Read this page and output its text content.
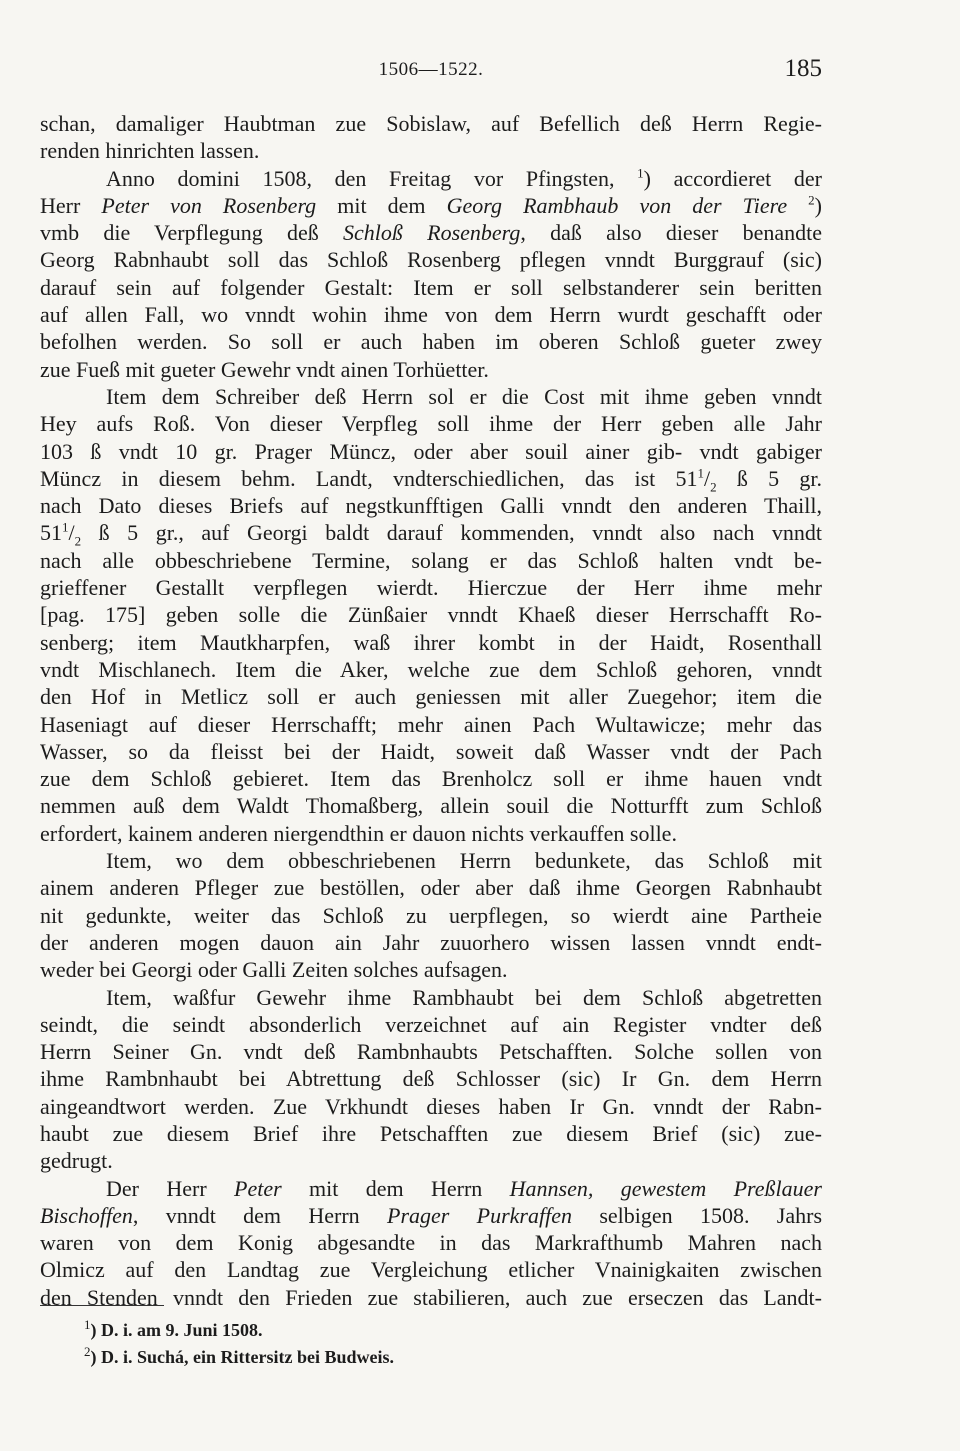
1506—1522.	185
schan, damaliger Haubtman zue Sobislaw, auf Befellich deß Herrn Regie-
renden hinrichten lassen.
Anno domini 1508, den Freitag vor Pfingsten, $^1$) accordieret der
Herr Peter von Rosenberg mit dem Georg Rambhaub von der Tiere $^2$)
vmb die Verpflegung deß Schloß Rosenberg, daß also dieser benandte
Georg Rabnhaubt soll das Schloß Rosenberg pflegen vnndt Burggrauf (sic)
darauf sein auf folgender Gestalt: Item er soll selbstanderer sein beritten
auf allen Fall, wo vnndt wohin ihme von dem Herrn wurdt geschafft oder
befolhen werden. So soll er auch haben im oberen Schloß gueter zwey
zue Fueß mit gueter Gewehr vndt ainen Torhüetter.
Item dem Schreiber deß Herrn sol er die Cost mit ihme geben vnndt
Hey aufs Roß. Von dieser Verpfleg soll ihme der Herr geben alle Jahr
103 ß vndt 10 gr. Prager Müncz, oder aber souil ainer gib- vndt gabiger
Müncz in diesem behm. Landt, vndterschiedlichen, das ist $51^1/_2$ ß 5 gr.
nach Dato dieses Briefs auf negstkunfftigen Galli vnndt den anderen Thaill,
$51^1/_2$ ß 5 gr., auf Georgi baldt darauf kommenden, vnndt also nach vnndt
nach alle obbeschriebene Termine, solang er das Schloß halten vndt be-
grieffener Gestallt verpflegen wierdt. Hierczue der Herr ihme mehr
[pag. 175] geben solle die Zünßaier vnndt Khaeß dieser Herrschafft Ro-
senberg; item Mautkharpfen, waß ihrer kombt in der Haidt, Rosenthall
vndt Mischlanech. Item die Aker, welche zue dem Schloß gehoren, vnndt
den Hof in Metlicz soll er auch geniessen mit aller Zuegehor; item die
Haseniagt auf dieser Herrschafft; mehr ainen Pach Wultawicze; mehr das
Wasser, so da fleisst bei der Haidt, soweit daß Wasser vndt der Pach
zue dem Schloß gebieret. Item das Brenholcz soll er ihme hauen vndt
nemmen auß dem Waldt Thomaßberg, allein souil die Notturfft zum Schloß
erfordert, kainem anderen niergendthin er dauon nichts verkauffen solle.
Item, wo dem obbeschriebenen Herrn bedunkete, das Schloß mit
ainem anderen Pfleger zue bestöllen, oder aber daß ihme Georgen Rabnhaubt
nit gedunkte, weiter das Schloß zu uerpflegen, so wierdt aine Partheie
der anderen mogen dauon ain Jahr zuuorhero wissen lassen vnndt endt-
weder bei Georgi oder Galli Zeiten solches aufsagen.
Item, waßfur Gewehr ihme Rambhaubt bei dem Schloß abgetretten
seindt, die seindt absonderlich verzeichnet auf ain Register vndter deß
Herrn Seiner Gn. vndt deß Rambnhaubts Petschafften. Solche sollen von
ihme Rambnhaubt bei Abtrettung deß Schlosser (sic) Ir Gn. dem Herrn
aingeandtwort werden. Zue Vrkhundt dieses haben Ir Gn. vnndt der Rabn-
haubt zue diesem Brief ihre Petschafften zue diesem Brief (sic) zue-
gedrugt.
Der Herr Peter mit dem Herrn Hannsen, gewestem Preßlauer
Bischoffen, vnndt dem Herrn Prager Purkraffen selbigen 1508. Jahrs
waren von dem Konig abgesandte in das Markrafthumb Mahren nach
Olmicz auf den Landtag zue Vergleichung etlicher Vnainigkaiten zwischen
den Stenden vnndt den Frieden zue stabilieren, auch zue erseczen das Landt-
$^1$) D. i. am 9. Juni 1508.
$^2$) D. i. Suchá, ein Rittersitz bei Budweis.
